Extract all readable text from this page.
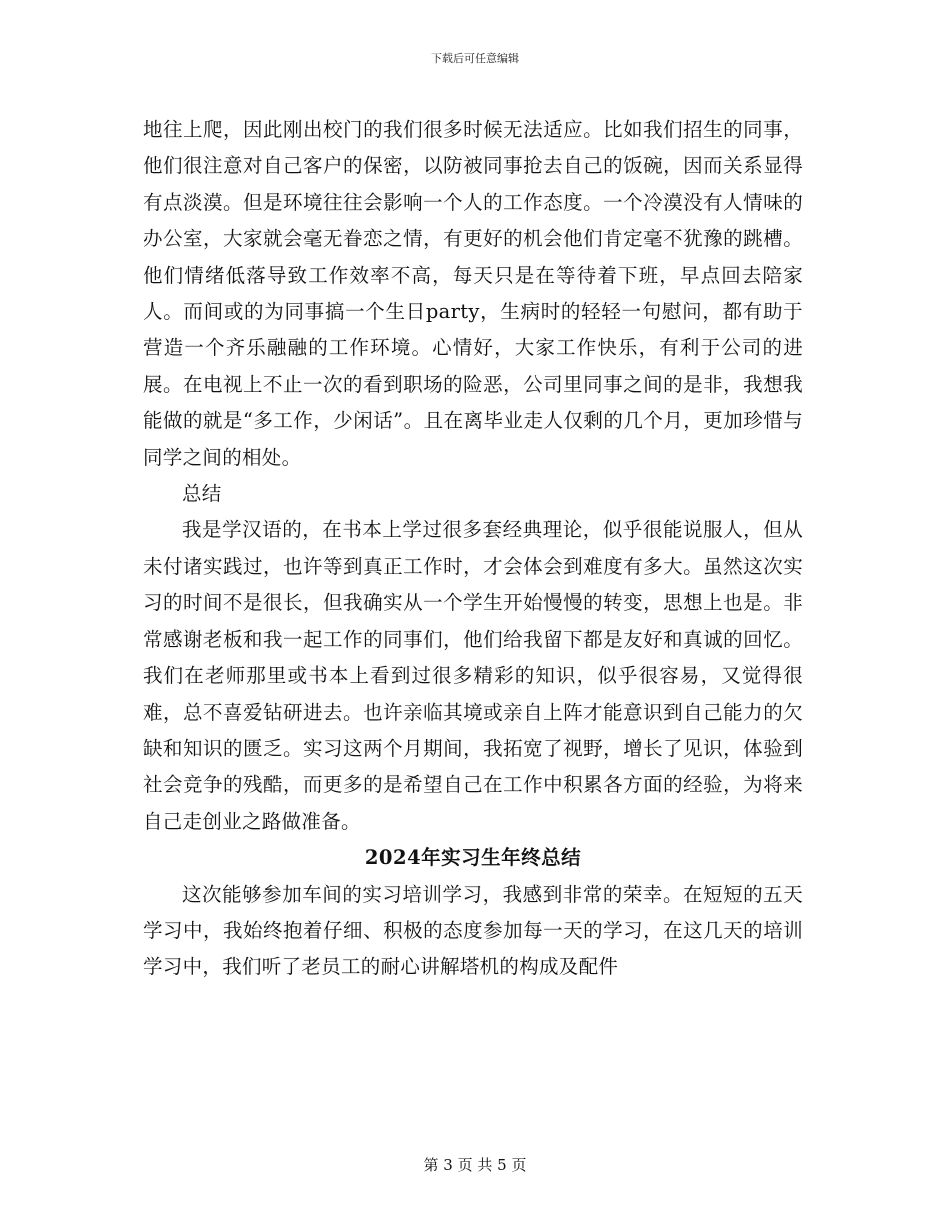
下载后可任意编辑

地往上爬，因此刚出校门的我们很多时候无法适应。比如我们招生的同事，他们很注意对自己客户的保密，以防被同事抢去自己的饭碗，因而关系显得有点淡漠。但是环境往往会影响一个人的工作态度。一个冷漠没有人情味的办公室，大家就会毫无眷恋之情，有更好的机会他们肯定毫不犹豫的跳槽。他们情绪低落导致工作效率不高，每天只是在等待着下班，早点回去陪家人。而间或的为同事搞一个生日party，生病时的轻轻一句慰问，都有助于营造一个齐乐融融的工作环境。心情好，大家工作快乐，有利于公司的进展。在电视上不止一次的看到职场的险恶，公司里同事之间的是非，我想我能做的就是“多工作，少闲话”。且在离毕业走人仅剩的几个月，更加珍惜与同学之间的相处。

总结

我是学汉语的，在书本上学过很多套经典理论，似乎很能说服人，但从未付诸实践过，也许等到真正工作时，才会体会到难度有多大。虽然这次实习的时间不是很长，但我确实从一个学生开始慢慢的转变，思想上也是。非常感谢老板和我一起工作的同事们，他们给我留下都是友好和真诚的回忆。我们在老师那里或书本上看到过很多精彩的知识，似乎很容易，又觉得很难，总不喜爱钻研进去。也许亲临其境或亲自上阵才能意识到自己能力的欠缺和知识的匮乏。实习这两个月期间，我拓宽了视野，增长了见识，体验到社会竞争的残酷，而更多的是希望自己在工作中积累各方面的经验，为将来自己走创业之路做准备。

2024年实习生年终总结

这次能够参加车间的实习培训学习，我感到非常的荣幸。在短短的五天学习中，我始终抱着仔细、积极的态度参加每一天的学习，在这几天的培训学习中，我们听了老员工的耐心讲解塔机的构成及配件

第 3 页 共 5 页
